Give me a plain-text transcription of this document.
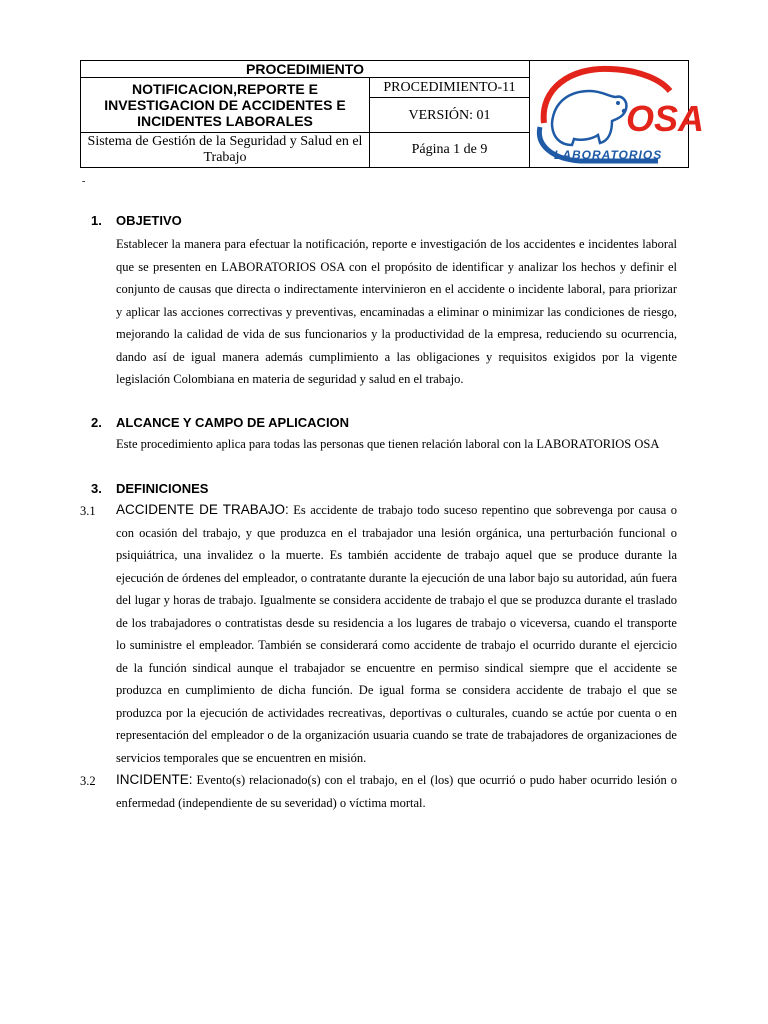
PROCEDIMIENTO
NOTIFICACION,REPORTE E INVESTIGACION DE ACCIDENTES E INCIDENTES LABORALES
PROCEDIMIENTO-11
VERSIÓN: 01
Sistema de Gestión de la Seguridad y Salud en el Trabajo
Página 1 de 9
OSA
LABORATORIOS
-
1. OBJETIVO
Establecer la manera para efectuar la notificación, reporte e investigación de los accidentes e incidentes laboral que se presenten en LABORATORIOS OSA con el propósito de identificar y analizar los hechos y definir el conjunto de causas que directa o indirectamente intervinieron en el accidente o incidente laboral, para priorizar y aplicar las acciones correctivas y preventivas, encaminadas a eliminar o minimizar las condiciones de riesgo, mejorando la calidad de vida de sus funcionarios y la productividad de la empresa, reduciendo su ocurrencia, dando así de igual manera además cumplimiento a las obligaciones y requisitos exigidos por la vigente legislación Colombiana en materia de seguridad y salud en el trabajo.
2. ALCANCE Y CAMPO DE APLICACION
Este procedimiento aplica para todas las personas que tienen relación laboral con la LABORATORIOS OSA
3. DEFINICIONES
3.1 ACCIDENTE DE TRABAJO: Es accidente de trabajo todo suceso repentino que sobrevenga por causa o con ocasión del trabajo, y que produzca en el trabajador una lesión orgánica, una perturbación funcional o psiquiátrica, una invalidez o la muerte. Es también accidente de trabajo aquel que se produce durante la ejecución de órdenes del empleador, o contratante durante la ejecución de una labor bajo su autoridad, aún fuera del lugar y horas de trabajo. Igualmente se considera accidente de trabajo el que se produzca durante el traslado de los trabajadores o contratistas desde su residencia a los lugares de trabajo o viceversa, cuando el transporte lo suministre el empleador. También se considerará como accidente de trabajo el ocurrido durante el ejercicio de la función sindical aunque el trabajador se encuentre en permiso sindical siempre que el accidente se produzca en cumplimiento de dicha función. De igual forma se considera accidente de trabajo el que se produzca por la ejecución de actividades recreativas, deportivas o culturales, cuando se actúe por cuenta o en representación del empleador o de la organización usuaria cuando se trate de trabajadores de organizaciones de servicios temporales que se encuentren en misión.
3.2 INCIDENTE: Evento(s) relacionado(s) con el trabajo, en el (los) que ocurrió o pudo haber ocurrido lesión o enfermedad (independiente de su severidad) o víctima mortal.
